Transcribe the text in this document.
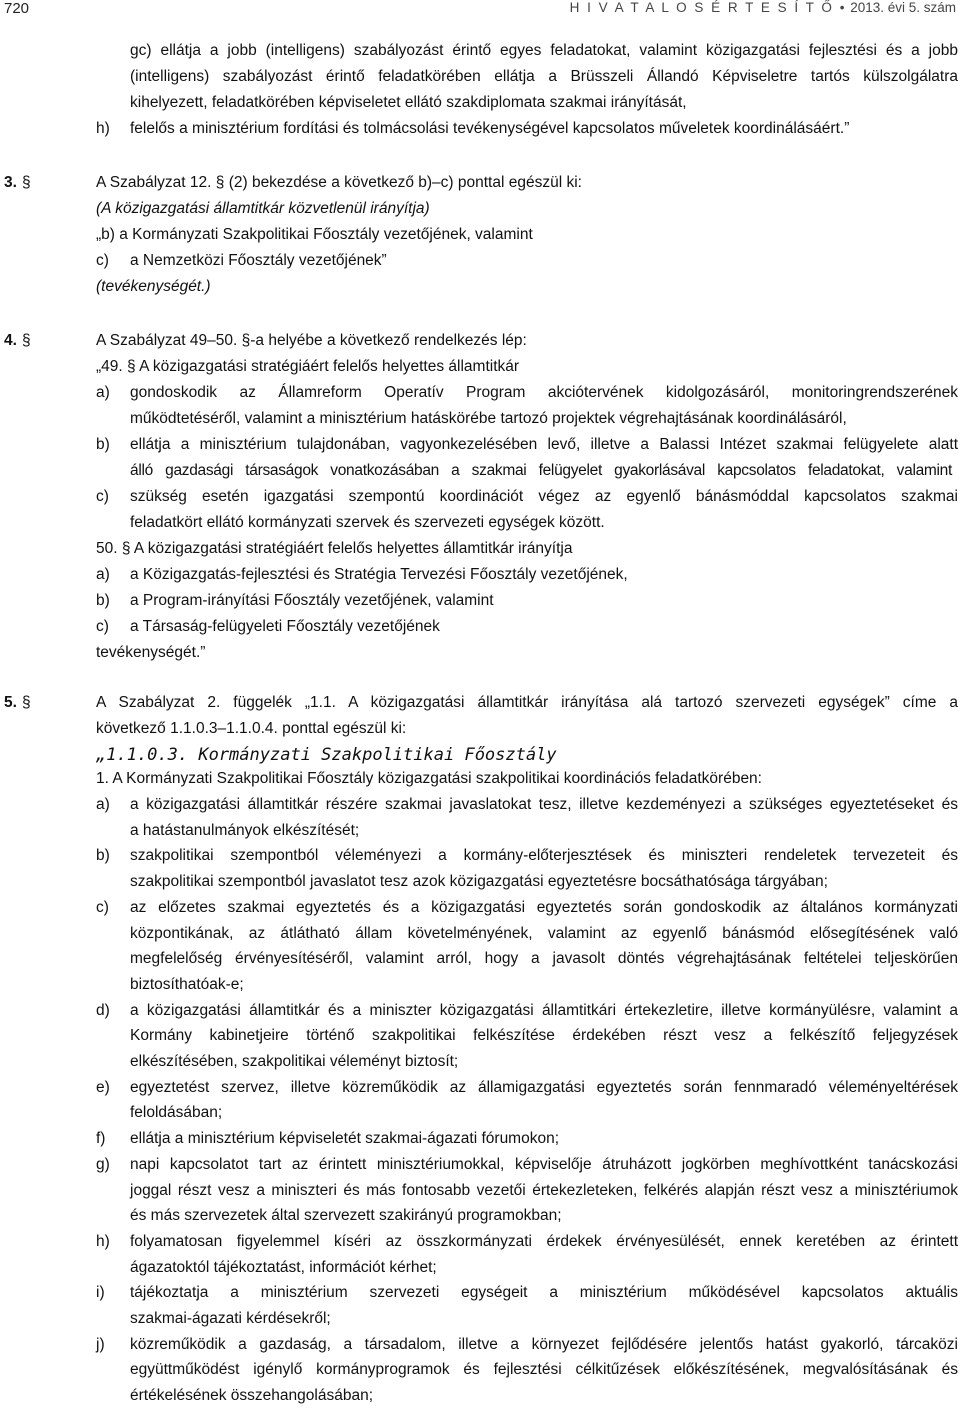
720	H I V A T A L O S É R T E S Í T Ő • 2013. évi 5. szám
gc) ellátja a jobb (intelligens) szabályozást érintő egyes feladatokat, valamint közigazgatási fejlesztési és a jobb
(intelligens) szabályozást érintő feladatkörében ellátja a Brüsszeli Állandó Képviseletre tartós külszolgálatra
kihelyezett, feladatkörében képviseletet ellátó szakdiplomata szakmai irányítását,
h) felelős a minisztérium fordítási és tolmácsolási tevékenységével kapcsolatos műveletek koordinálásáért.”
3. §	A Szabályzat 12. § (2) bekezdése a következő b)–c) ponttal egészül ki:
(A közigazgatási államtitkár közvetlenül irányítja)
„b) a Kormányzati Szakpolitikai Főosztály vezetőjének, valamint
c) a Nemzetközi Főosztály vezetőjének”
(tevékenységét.)
4. §	A Szabályzat 49–50. §-a helyébe a következő rendelkezés lép:
„49. § A közigazgatási stratégiáért felelős helyettes államtitkár
a) gondoskodik az Államreform Operatív Program akciótervének kidolgozásáról, monitoringrendszerének
működtetéséről, valamint a minisztérium hatáskörébe tartozó projektek végrehajtásának koordinálásáról,
b) ellátja a minisztérium tulajdonában, vagyonkezelésében levő, illetve a Balassi Intézet szakmai felügyelete alatt
álló gazdasági társaságok vonatkozásában a szakmai felügyelet gyakorlásával kapcsolatos feladatokat, valamint
c) szükség esetén igazgatási szempontú koordinációt végez az egyenlő bánásmóddal kapcsolatos szakmai
feladatkört ellátó kormányzati szervek és szervezeti egységek között.
50. § A közigazgatási stratégiáért felelős helyettes államtitkár irányítja
a) a Közigazgatás-fejlesztési és Stratégia Tervezési Főosztály vezetőjének,
b) a Program-irányítási Főosztály vezetőjének, valamint
c) a Társaság-felügyeleti Főosztály vezetőjének
tevékenységét.”
5. §	A Szabályzat 2. függelék „1.1. A közigazgatási államtitkár irányítása alá tartozó szervezeti egységek” címe a
következő 1.1.0.3–1.1.0.4. ponttal egészül ki:
„1.1.0.3. Kormányzati Szakpolitikai Főosztály
1. A Kormányzati Szakpolitikai Főosztály közigazgatási szakpolitikai koordinációs feladatkörében:
a) a közigazgatási államtitkár részére szakmai javaslatokat tesz, illetve kezdeményezi a szükséges egyeztetéseket és
a hatástanulmányok elkészítését;
b) szakpolitikai szempontból véleményezi a kormány-előterjesztések és miniszteri rendeletek tervezeteit és
szakpolitikai szempontból javaslatot tesz azok közigazgatási egyeztetésre bocsáthatóságа tárgyában;
c) az előzetes szakmai egyeztetés és a közigazgatási egyeztetés során gondoskodik az általános kormányzati
központikának, az átlátható állam követelményének, valamint az egyenlő bánásmód elősegítésének való
megfelelőség érvényesítéséről, valamint arról, hogy a javasolt döntés végrehajtásának feltételei teljeskörűen
biztosíthatóak-e;
d) a közigazgatási államtitkár és a miniszter közigazgatási államtitkári értekezletire, illetve kormányülésre, valamint a
Kormány kabinetjeire történő szakpolitikai felkészítése érdekében részt vesz a felkészítő feljegyzések
elkészítésében, szakpolitikai véleményt biztosít;
e) egyeztetést szervez, illetve közreműködik az államigazgatási egyeztetés során fennmaradó véleményeltérések
feloldásában;
f) ellátja a minisztérium képviseletét szakmai-ágazati fórumokon;
g) napi kapcsolatot tart az érintett minisztériumokkal, képviselője átruházott jogkörben meghívottként tanácskozási
joggal részt vesz a miniszteri és más fontosabb vezetői értekezleteken, felkérés alapján részt vesz a minisztériumok
és más szervezetek által szervezett szakirányú programokban;
h) folyamatosan figyelemmel kíséri az összkormányzati érdekek érvényesülését, ennek keretében az érintett
ágazatoktól tájékoztatást, információt kérhet;
i) tájékoztatja a minisztérium szervezeti egységeit a minisztérium működésével kapcsolatos aktuális
szakmai-ágazati kérdésekről;
j) közreműködik a gazdaság, a társadalom, illetve a környezet fejlődésére jelentős hatást gyakorló, tárcaközi
együttműködést igénylő kormányprogramok és fejlesztési célkitűzések előkészítésének, megvalósításának és
értékelésének összehangolásában;
